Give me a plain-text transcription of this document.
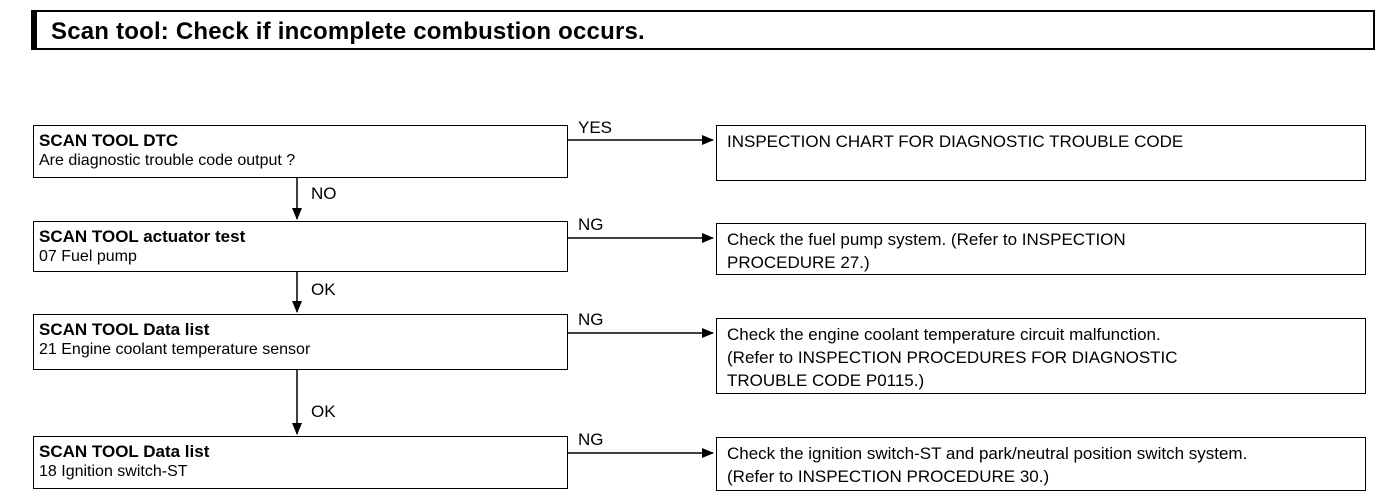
Scan tool: Check if incomplete combustion occurs.
SCAN TOOL DTC
Are diagnostic trouble code output ?
SCAN TOOL actuator test
07 Fuel pump
SCAN TOOL Data list
21 Engine coolant temperature sensor
SCAN TOOL Data list
18 Ignition switch-ST
INSPECTION CHART FOR DIAGNOSTIC TROUBLE CODE
Check the fuel pump system. (Refer to INSPECTION
PROCEDURE 27.)
Check the engine coolant temperature circuit malfunction.
(Refer to INSPECTION PROCEDURES FOR DIAGNOSTIC
TROUBLE CODE P0115.)
Check the ignition switch-ST and park/neutral position switch system.
(Refer to INSPECTION PROCEDURE 30.)
YES
NO
NG
OK
NG
OK
NG
